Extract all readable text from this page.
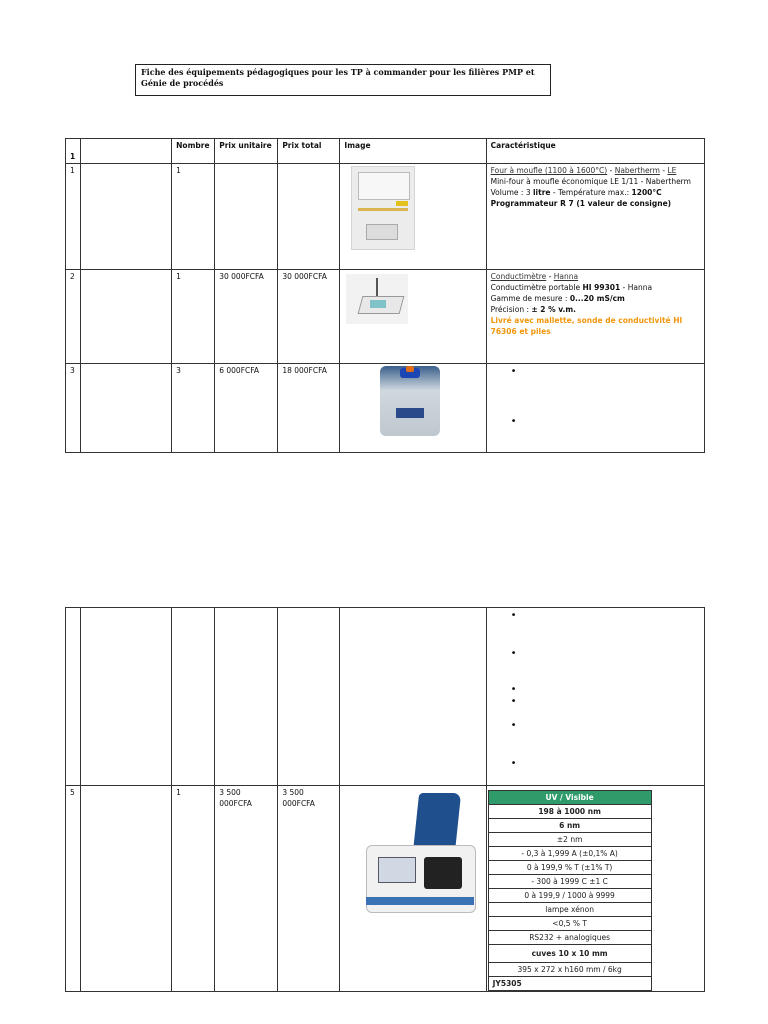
Fiche des équipements pédagogiques pour les TP à commander pour les filières PMP et Génie de procédés
1		Nombre	Prix unitaire	Prix total	Image	Caractéristique
1		1				Four à moufle (1100 à 1600°C) - Nabertherm - LE
Mini-four à moufle économique LE 1/11 - Nabertherm
Volume : 3 litre - Température max.: 1200°C
Programmateur R 7 (1 valeur de consigne)

2		1	30 000FCFA	30 000FCFA		Conductimètre - Hanna
Conductimètre portable HI 99301 - Hanna
Gamme de mesure : 0...20 mS/cm
Précision : ± 2 % v.m.
Livré avec mallette, sonde de conductivité HI 76306 et piles

3		3	6 000FCFA	18 000FCFA		•
•

•
•
•
•
•
•

5		1	3 500 000FCFA	3 500 000FCFA	

UV / Visible
198 à 1000 nm
6 nm
±2 nm
- 0,3 à 1,999 A (±0,1% A)
0 à 199,9 % T (±1% T)
- 300 à 1999 C ±1 C
0 à 199,9 / 1000 à 9999
lampe xénon
<0,5 % T
RS232 + analogiques
cuves 10 x 10 mm
395 x 272 x h160 mm / 6kg
JY5305
